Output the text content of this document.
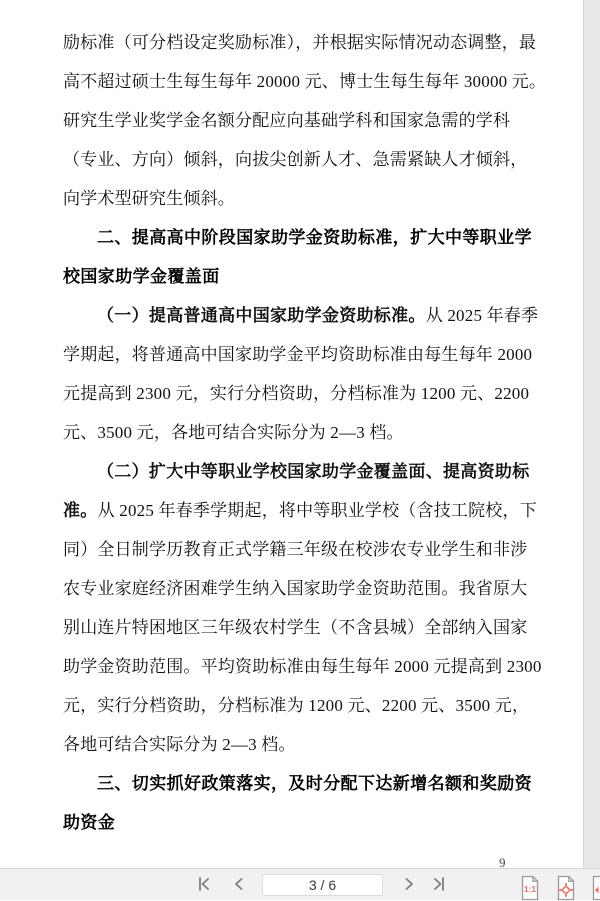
励标准（可分档设定奖励标准），并根据实际情况动态调整，最
高不超过硕士生每生每年 20000 元、博士生每生每年 30000 元。
研究生学业奖学金名额分配应向基础学科和国家急需的学科
（专业、方向）倾斜，向拔尖创新人才、急需紧缺人才倾斜，
向学术型研究生倾斜。
二、提高高中阶段国家助学金资助标准，扩大中等职业学
校国家助学金覆盖面
（一）提高普通高中国家助学金资助标准。从 2025 年春季
学期起，将普通高中国家助学金平均资助标准由每生每年 2000
元提高到 2300 元，实行分档资助，分档标准为 1200 元、2200
元、3500 元，各地可结合实际分为 2—3 档。
（二）扩大中等职业学校国家助学金覆盖面、提高资助标
准。从 2025 年春季学期起，将中等职业学校（含技工院校，下
同）全日制学历教育正式学籍三年级在校涉农专业学生和非涉
农专业家庭经济困难学生纳入国家助学金资助范围。我省原大
别山连片特困地区三年级农村学生（不含县城）全部纳入国家
助学金资助范围。平均资助标准由每生每年 2000 元提高到 2300
元，实行分档资助，分档标准为 1200 元、2200 元、3500 元，
各地可结合实际分为 2—3 档。
三、切实抓好政策落实，及时分配下达新增名额和奖励资
助资金
9
3 / 6	1:1
